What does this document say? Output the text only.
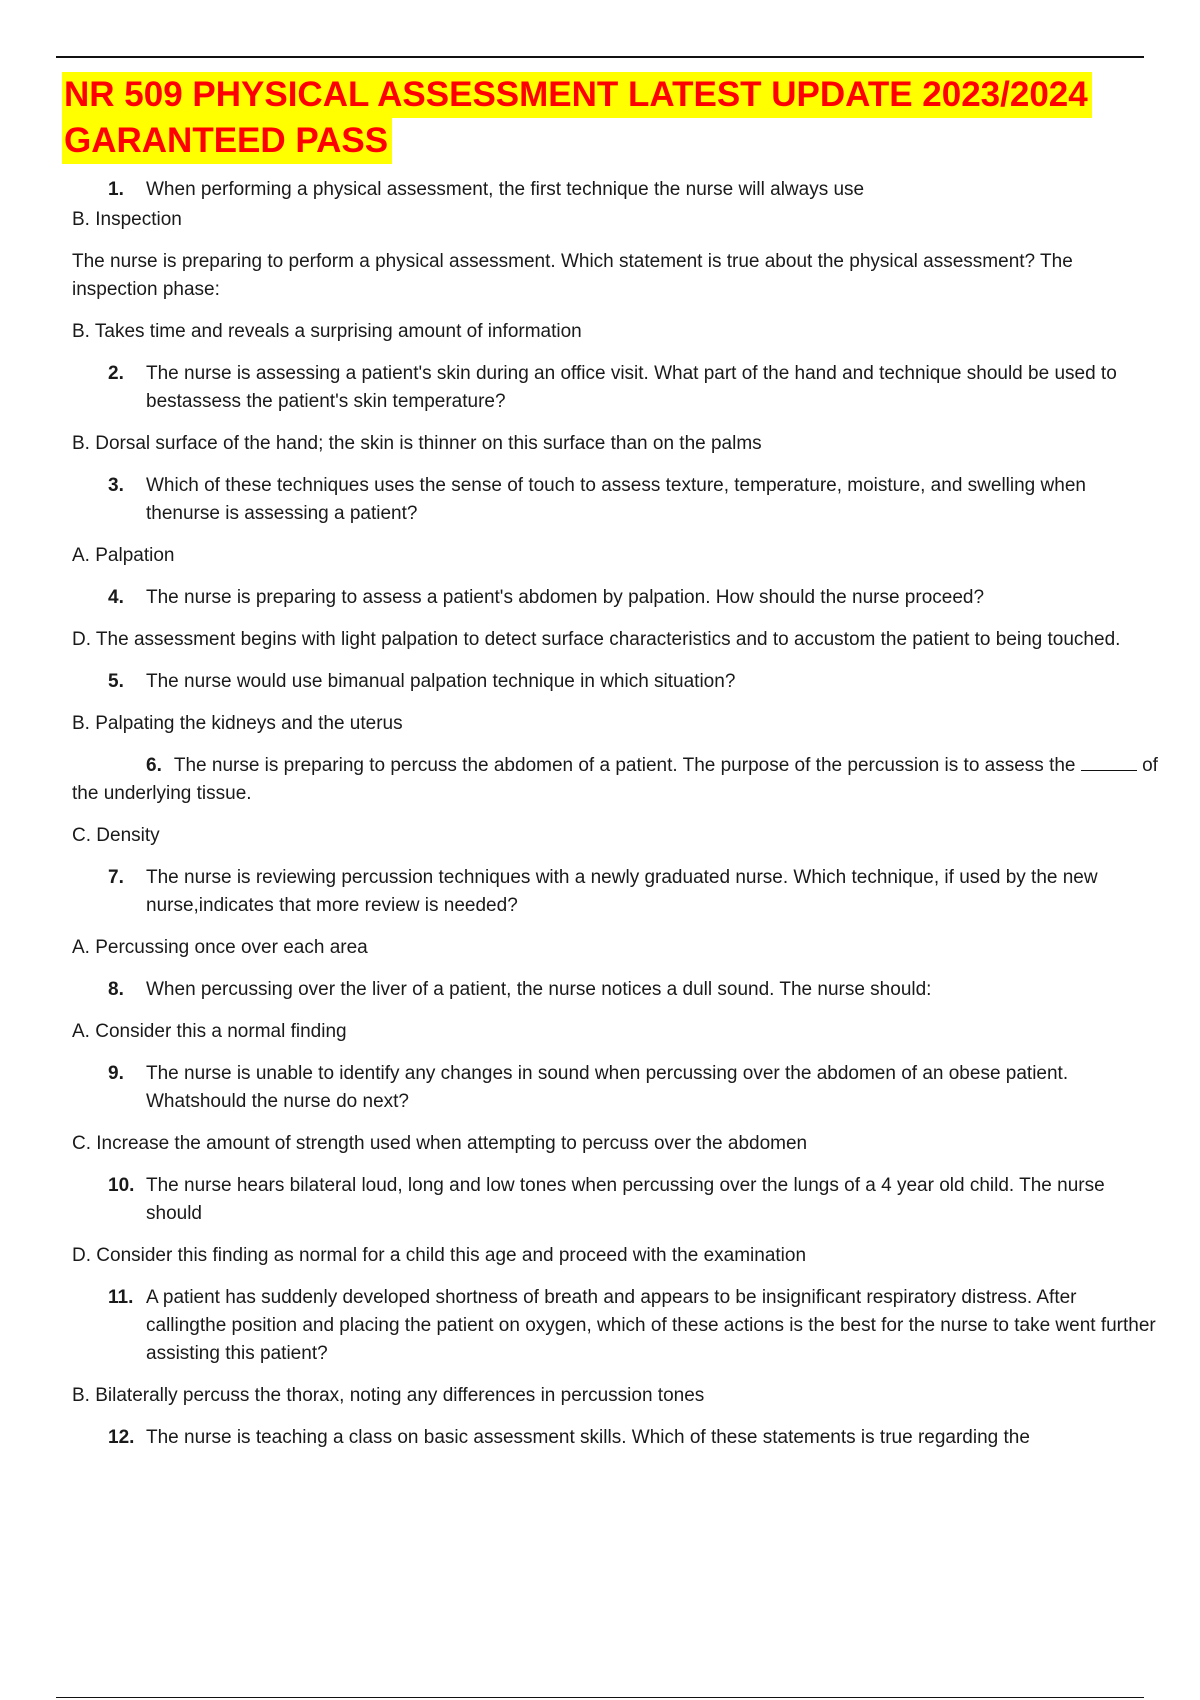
NR 509 PHYSICAL ASSESSMENT LATEST UPDATE 2023/2024
GARANTEED PASS

1. When performing a physical assessment, the first technique the nurse will always use

B. Inspection

The nurse is preparing to perform a physical assessment. Which statement is true about the physical assessment? The inspection phase:

B. Takes time and reveals a surprising amount of information

2. The nurse is assessing a patient's skin during an office visit. What part of the hand and technique should be used to bestassess the patient's skin temperature?

B. Dorsal surface of the hand; the skin is thinner on this surface than on the palms

3. Which of these techniques uses the sense of touch to assess texture, temperature, moisture, and swelling when thenurse is assessing a patient?

A. Palpation

4. The nurse is preparing to assess a patient's abdomen by palpation. How should the nurse proceed?

D. The assessment begins with light palpation to detect surface characteristics and to accustom the patient to being touched.

5. The nurse would use bimanual palpation technique in which situation?

B. Palpating the kidneys and the uterus

6. The nurse is preparing to percuss the abdomen of a patient. The purpose of the percussion is to assess the	of the underlying tissue.

C. Density

7. The nurse is reviewing percussion techniques with a newly graduated nurse. Which technique, if used by the new nurse,indicates that more review is needed?

A. Percussing once over each area

8. When percussing over the liver of a patient, the nurse notices a dull sound. The nurse should:

A. Consider this a normal finding

9. The nurse is unable to identify any changes in sound when percussing over the abdomen of an obese patient. Whatshould the nurse do next?

C. Increase the amount of strength used when attempting to percuss over the abdomen

10. The nurse hears bilateral loud, long and low tones when percussing over the lungs of a 4 year old child. The nurse should

D. Consider this finding as normal for a child this age and proceed with the examination

11. A patient has suddenly developed shortness of breath and appears to be insignificant respiratory distress. After callingthe position and placing the patient on oxygen, which of these actions is the best for the nurse to take went further assisting this patient?

B. Bilaterally percuss the thorax, noting any differences in percussion tones

12. The nurse is teaching a class on basic assessment skills. Which of these statements is true regarding the
